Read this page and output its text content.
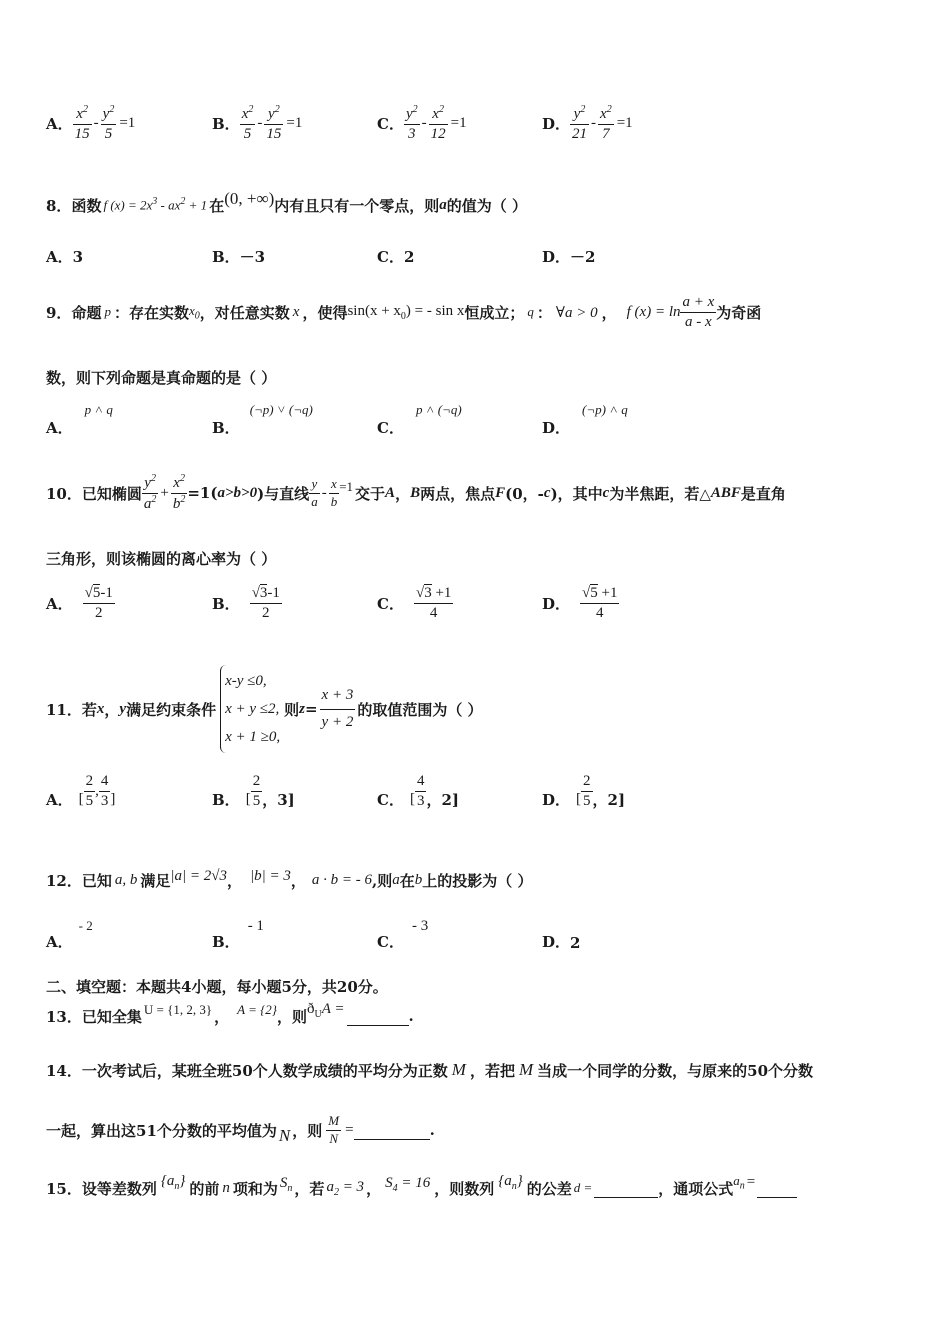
A． $\frac{x^2}{15} - \frac{y^2}{5} =1$	B． $\frac{x^2}{5} - \frac{y^2}{15} =1$	C． $\frac{y^2}{3} - \frac{x^2}{12} =1$	D． $\frac{y^2}{21} - \frac{x^2}{7} =1$
8． 函数 f $(x) = 2x^3 - ax^2 + 1$ 在 (0, +∞) 内有且只有一个零点，则 a 的值为（ ）
A．3	B．－3	C．2	D．－2
9． 命题 p ：存在实数 $x_0$ ，对任意实数 x ，使得 $\sin(x + x_0)$ = - sin x 恒成立； q ： ∀a > 0 ， f $(x) = \ln \frac{a + x}{a - x}$ 为奇函
数，则下列命题是真命题的是（ ）
A．
p ˄ q
B．
(¬p) ˅ (¬q)
C．
p ˄ (¬q)
D．
(¬p) ˄ q
10． 已知椭圆 $\frac{y^2}{a^2} + \frac{x^2}{b^2} =1$( a>b>0 )与直线 $\frac{y}{a} - \frac{x}{b} =1$ 交于 A ， B 两点，焦点 F (0，- c )，其中 c 为半焦距，若△ ABF 是直角
三角形，则该椭圆的离心率为（ ）
A． $\frac{√5-1}{2}$	B． $\frac{√3-1}{2}$	C． $\frac{√3 +1}{4}$	D． $\frac{√5 +1}{4}$
11． 若 x ， y 满足约束条件
x-y ≤0,
x + y ≤2,
x + 1 ≥0,
则 $z = \frac{x + 3}{y + 2}$ 的取值范围为（ ）
A． [ $\frac{2}{5}$ , $\frac{4}{3}$ ]	B． [ $\frac{2}{5}$ ，3]	C． [ $\frac{4}{3}$ ，2]	D． [ $\frac{2}{5}$ ，2]
12． 已知 a, b 满足 |a| = 2√3 ， |b| = 3 ， a · b = - 6 ,则 a 在 b 上的投影为（ ）
A．
- 2
B．
- 1
C．
- 3
D． 2
二、填空题：本题共4小题，每小题5分，共20分。
13． 已知全集 U = {1, 2, 3} ， A = {2} ，则 $ð_UA$ =	.
14． 一次考试后，某班全班50个人数学成绩的平均分为正数 M ，若把 M 当成一个同学的分数，与原来的50个分数
一起，算出这51个分数的平均值为 N ，则 $\frac{M}{N}$ =	.
15． 设等差数列 $\{a_n\}$ 的前 n 项和为 $S_n$ ，若 $a_2 = 3$ ， $S_4 = 16$ ，则数列 $\{a_n\}$ 的公差 d =	，通项公式 $a_n$ =
